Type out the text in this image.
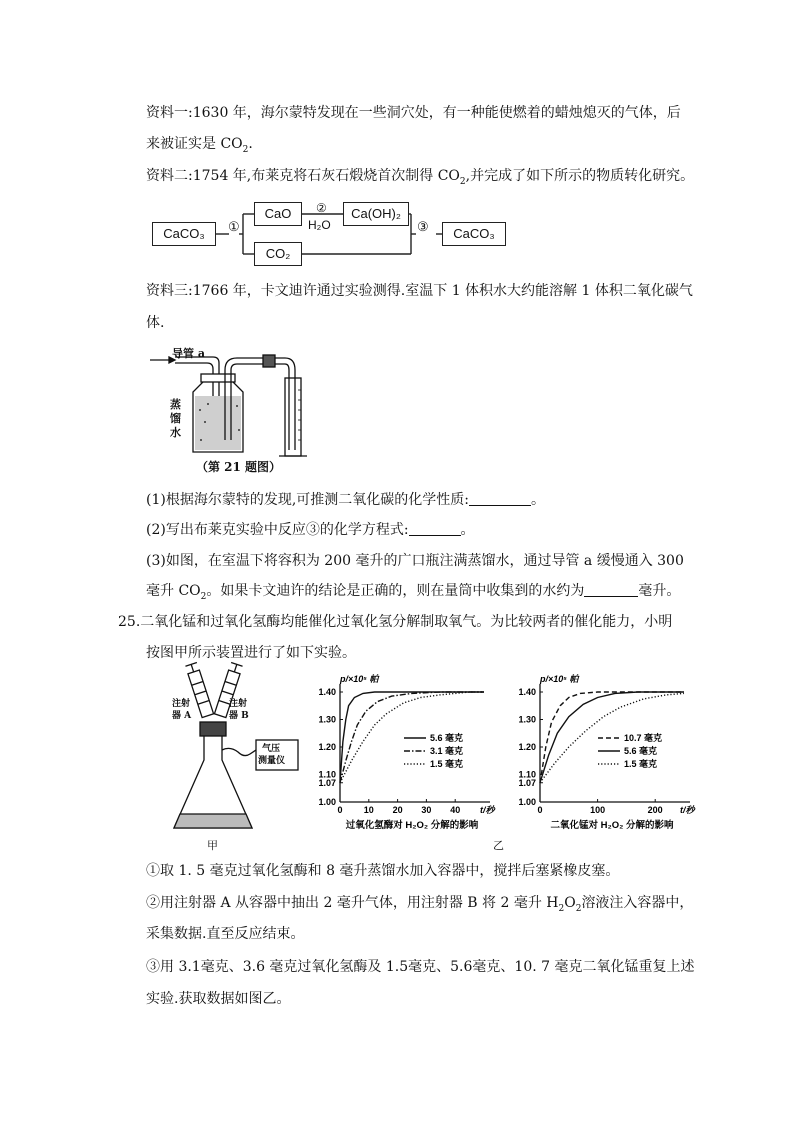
资料一:1630 年，海尔蒙特发现在一些洞穴处，有一种能使燃着的蜡烛熄灭的气体，后
来被证实是 $CO_2$.
资料二:1754 年,布莱克将石灰石煅烧首次制得 $CO_2$,并完成了如下所示的物质转化研究。
CaCO₃	①
CaO	②
H₂O
Ca(OH)₂
CO₂
③	CaCO₃
资料三:1766 年，卡文迪许通过实验测得.室温下 1 体积水大约能溶解 1 体积二氧化碳气
体.
导管 a
蒸
馏
水
（第 21 题图）
(1)根据海尔蒙特的发现,可推测二氧化碳的化学性质:	。
(2)写出布莱克实验中反应③的化学方程式:	。
(3)如图，在室温下将容积为 200 毫升的广口瓶注满蒸馏水，通过导管 a 缓慢通入 300
毫升 $CO_2$。如果卡文迪许的结论是正确的，则在量筒中收集到的水约为	毫升。
25.二氧化锰和过氧化氢酶均能催化过氧化氢分解制取氧气。为比较两者的催化能力，小明
按图甲所示装置进行了如下实验。
注射
器 A
注射
器 B
气压
测量仪
甲	乙
1.00
1.07
1.10
1.20
1.30
1.40
0 10 20 30 40 t/秒
p/×10⁵ 帕
过氧化氢酶对 H₂O₂ 分解的影响
5.6 毫克
3.1 毫克
1.5 毫克
1.00
1.07
1.10
1.20
1.30
1.40
0	100	200 t/秒
p/×10⁵ 帕
二氧化锰对 H₂O₂ 分解的影响
10.7 毫克
5.6 毫克
1.5 毫克
①取 1. 5 毫克过氧化氢酶和 8 毫升蒸馏水加入容器中，搅拌后塞紧橡皮塞。
②用注射器 A 从容器中抽出 2 毫升气体，用注射器 B 将 2 毫升 $H_2O_2$溶液注入容器中，
采集数据.直至反应结束。
③用 3.1毫克、3.6 毫克过氧化氢酶及 1.5毫克、5.6毫克、10. 7 毫克二氧化锰重复上述
实验.获取数据如图乙。
